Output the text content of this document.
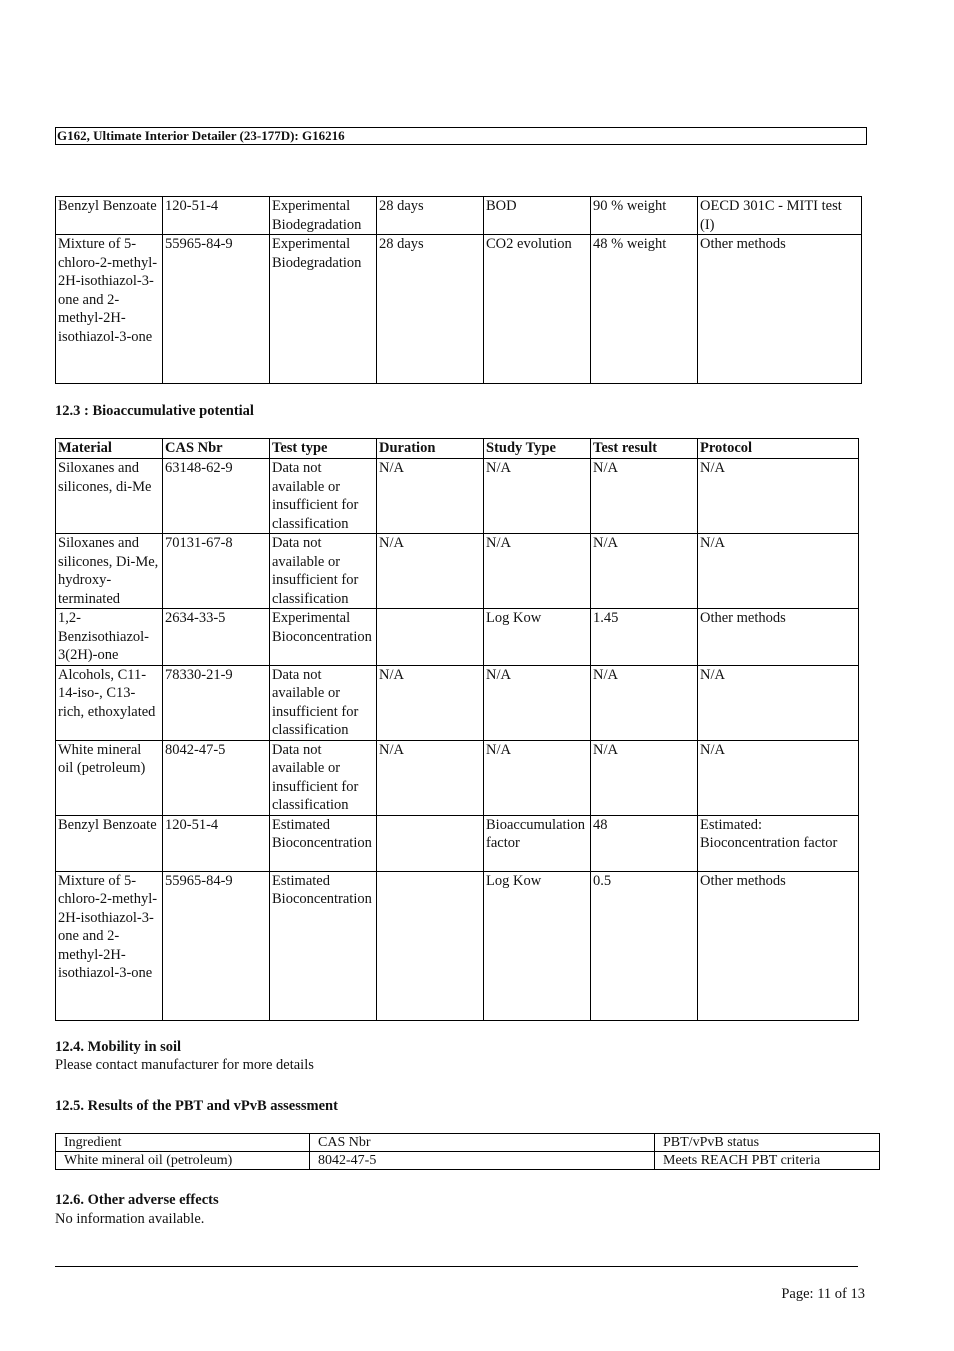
G162, Ultimate Interior Detailer (23-177D): G16216
Benzyl Benzoate	120-51-4	Experimental Biodegradation	28 days	BOD	90 % weight	OECD 301C - MITI test (I)
Mixture of 5-chloro-2-methyl-2H-isothiazol-3-one and 2-methyl-2H-isothiazol-3-one	55965-84-9	Experimental Biodegradation	28 days	CO2 evolution	48 % weight	Other methods
12.3 : Bioaccumulative potential
Material	CAS Nbr	Test type	Duration	Study Type	Test result	Protocol
Siloxanes and silicones, di-Me	63148-62-9	Data not available or insufficient for classification	N/A	N/A	N/A	N/A
Siloxanes and silicones, Di-Me, hydroxy-terminated	70131-67-8	Data not available or insufficient for classification	N/A	N/A	N/A	N/A
1,2-Benzisothiazol-3(2H)-one	2634-33-5	Experimental Bioconcentration		Log Kow	1.45	Other methods
Alcohols, C11-14-iso-, C13-rich, ethoxylated	78330-21-9	Data not available or insufficient for classification	N/A	N/A	N/A	N/A
White mineral oil (petroleum)	8042-47-5	Data not available or insufficient for classification	N/A	N/A	N/A	N/A
Benzyl Benzoate	120-51-4	Estimated Bioconcentration		Bioaccumulation factor	48	Estimated: Bioconcentration factor
Mixture of 5-chloro-2-methyl-2H-isothiazol-3-one and 2-methyl-2H-isothiazol-3-one	55965-84-9	Estimated Bioconcentration		Log Kow	0.5	Other methods
12.4. Mobility in soil
Please contact manufacturer for more details
12.5. Results of the PBT and vPvB assessment
Ingredient	CAS Nbr	PBT/vPvB status
White mineral oil (petroleum)	8042-47-5	Meets REACH PBT criteria
12.6. Other adverse effects
No information available.
Page: 11 of 13
